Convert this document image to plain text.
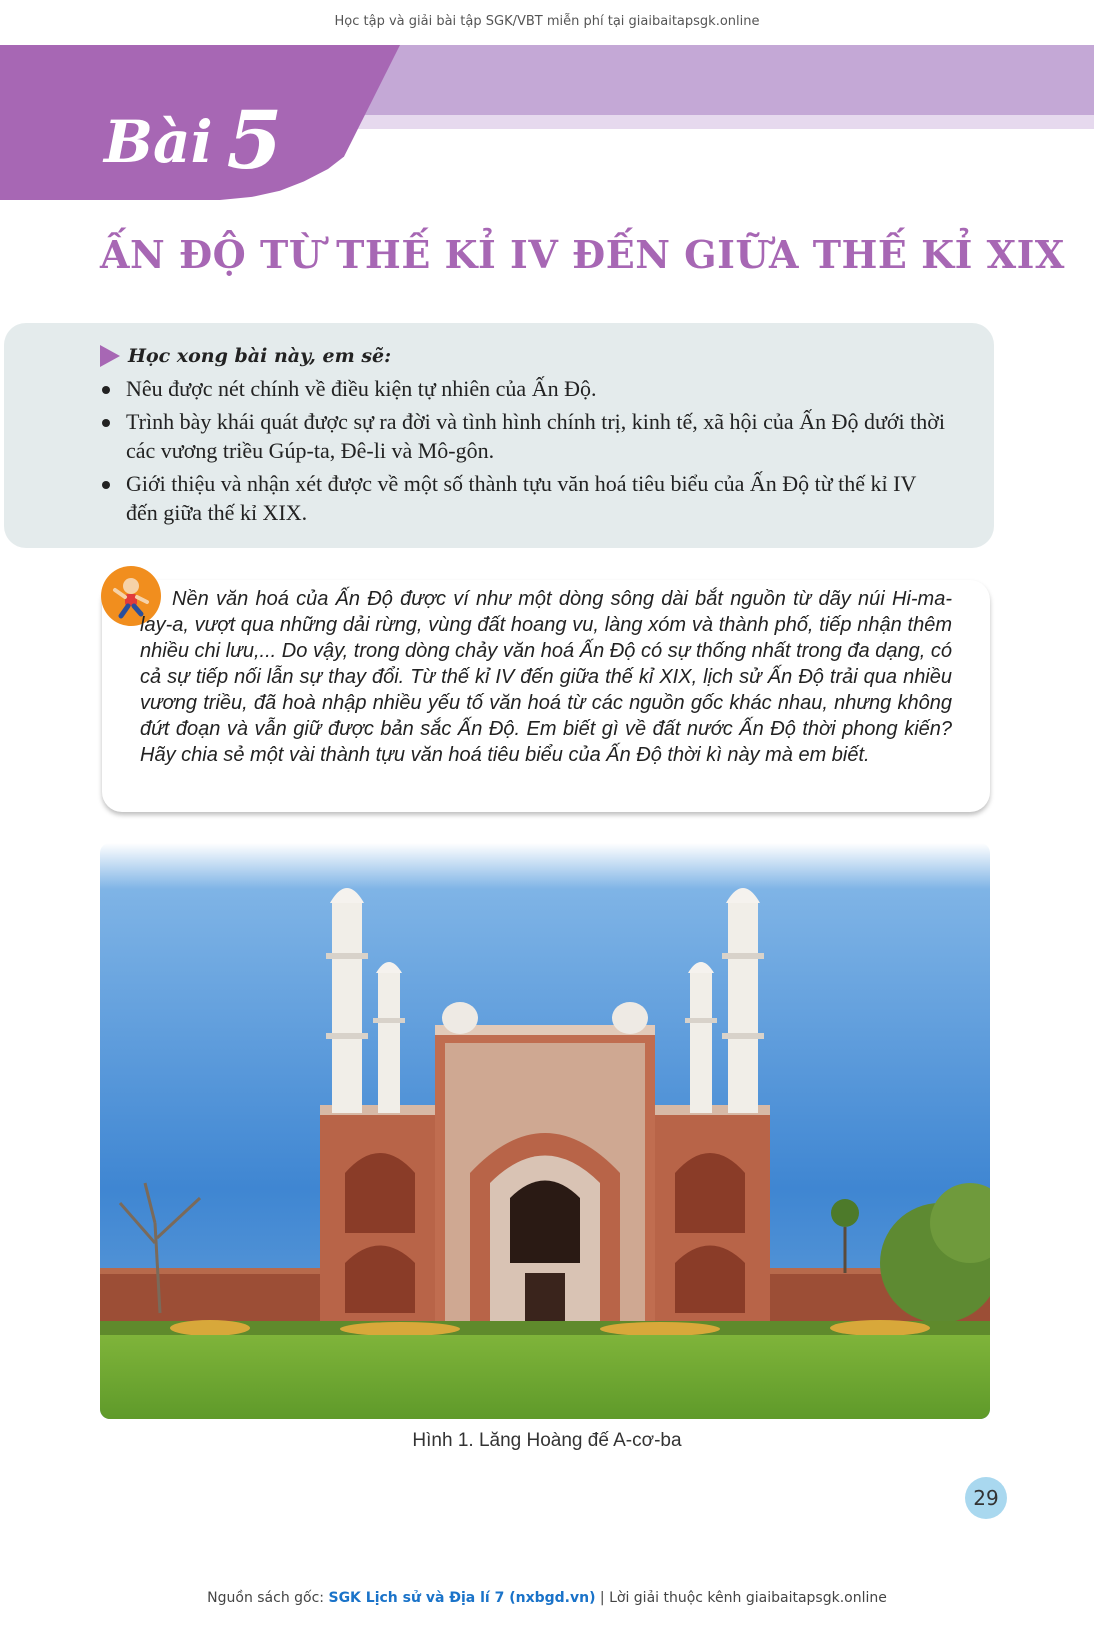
Học tập và giải bài tập SGK/VBT miễn phí tại giaibaitapsgk.online
Bài 5
ẤN ĐỘ TỪ THẾ KỈ IV ĐẾN GIỮA THẾ KỈ XIX
Học xong bài này, em sẽ:
Nêu được nét chính về điều kiện tự nhiên của Ấn Độ.
Trình bày khái quát được sự ra đời và tình hình chính trị, kinh tế, xã hội của Ấn Độ dưới thời các vương triều Gúp-ta, Đê-li và Mô-gôn.
Giới thiệu và nhận xét được về một số thành tựu văn hoá tiêu biểu của Ấn Độ từ thế kỉ IV đến giữa thế kỉ XIX.
Nền văn hoá của Ấn Độ được ví như một dòng sông dài bắt nguồn từ dãy núi Hi-ma-lay-a, vượt qua những dải rừng, vùng đất hoang vu, làng xóm và thành phố, tiếp nhận thêm nhiều chi lưu,... Do vậy, trong dòng chảy văn hoá Ấn Độ có sự thống nhất trong đa dạng, có cả sự tiếp nối lẫn sự thay đổi. Từ thế kỉ IV đến giữa thế kỉ XIX, lịch sử Ấn Độ trải qua nhiều vương triều, đã hoà nhập nhiều yếu tố văn hoá từ các nguồn gốc khác nhau, nhưng không đứt đoạn và vẫn giữ được bản sắc Ấn Độ. Em biết gì về đất nước Ấn Độ thời phong kiến? Hãy chia sẻ một vài thành tựu văn hoá tiêu biểu của Ấn Độ thời kì này mà em biết.
Hình 1. Lăng Hoàng đế A-cơ-ba
29
Nguồn sách gốc: SGK Lịch sử và Địa lí 7 (nxbgd.vn) | Lời giải thuộc kênh giaibaitapsgk.online
